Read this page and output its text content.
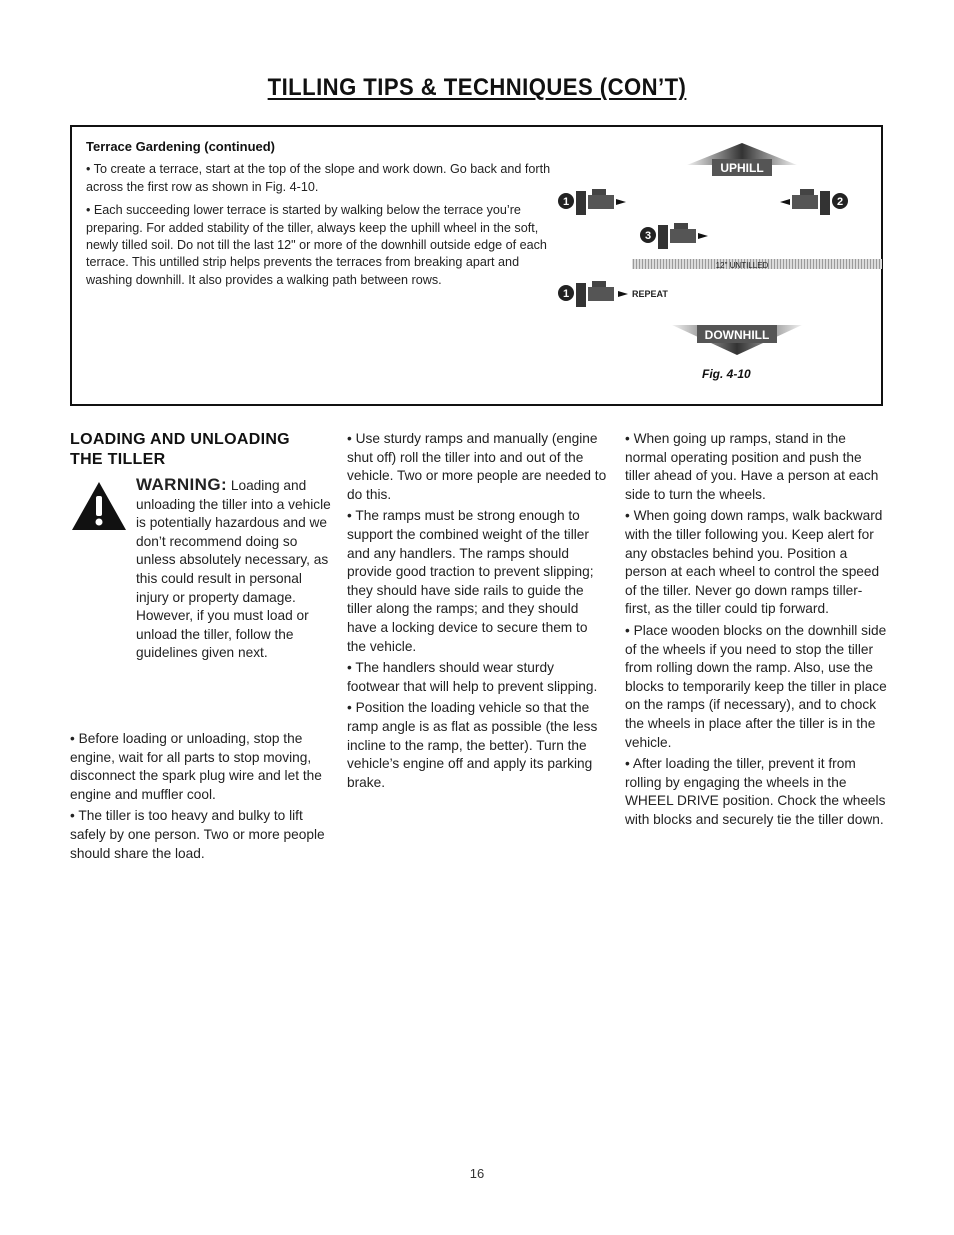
TILLING TIPS & TECHNIQUES (CON’T)
Terrace Gardening (continued)

• To create a terrace, start at the top of the slope and work down. Go back and forth across the first row as shown in Fig. 4-10.

• Each succeeding lower terrace is started by walking below the terrace you’re preparing. For added stability of the tiller, always keep the uphill wheel in the soft, newly tilled soil. Do not till the last 12" or more of the downhill outside edge of each terrace. This untilled strip helps prevents the terraces from breaking apart and washing downhill. It also provides a walking path between rows.

UPHILL
1	2
3
12" UNTILLED
1	REPEAT
DOWNHILL
Fig. 4-10
LOADING AND UNLOADING
THE TILLER
WARNING: Loading and unloading the tiller into a vehicle is potentially hazardous and we don’t recommend doing so unless absolutely necessary, as this could result in personal injury or property damage. However, if you must load or unload the tiller, follow the guidelines given next.

• Before loading or unloading, stop the engine, wait for all parts to stop moving, disconnect the spark plug wire and let the engine and muffler cool.

• The tiller is too heavy and bulky to lift safely by one person. Two or more people should share the load.

• Use sturdy ramps and manually (engine shut off) roll the tiller into and out of the vehicle. Two or more people are needed to do this.

• The ramps must be strong enough to support the combined weight of the tiller and any handlers. The ramps should provide good traction to prevent slipping; they should have side rails to guide the tiller along the ramps; and they should have a locking device to secure them to the vehicle.

• The handlers should wear sturdy footwear that will help to prevent slipping.

• Position the loading vehicle so that the ramp angle is as flat as possible (the less incline to the ramp, the better). Turn the vehicle’s engine off and apply its parking brake.

• When going up ramps, stand in the normal operating position and push the tiller ahead of you. Have a person at each side to turn the wheels.

• When going down ramps, walk backward with the tiller following you. Keep alert for any obstacles behind you. Position a person at each wheel to control the speed of the tiller. Never go down ramps tiller-first, as the tiller could tip forward.

• Place wooden blocks on the downhill side of the wheels if you need to stop the tiller from rolling down the ramp. Also, use the blocks to temporarily keep the tiller in place on the ramps (if necessary), and to chock the wheels in place after the tiller is in the vehicle.

• After loading the tiller, prevent it from rolling by engaging the wheels in the WHEEL DRIVE position. Chock the wheels with blocks and securely tie the tiller down.

16
